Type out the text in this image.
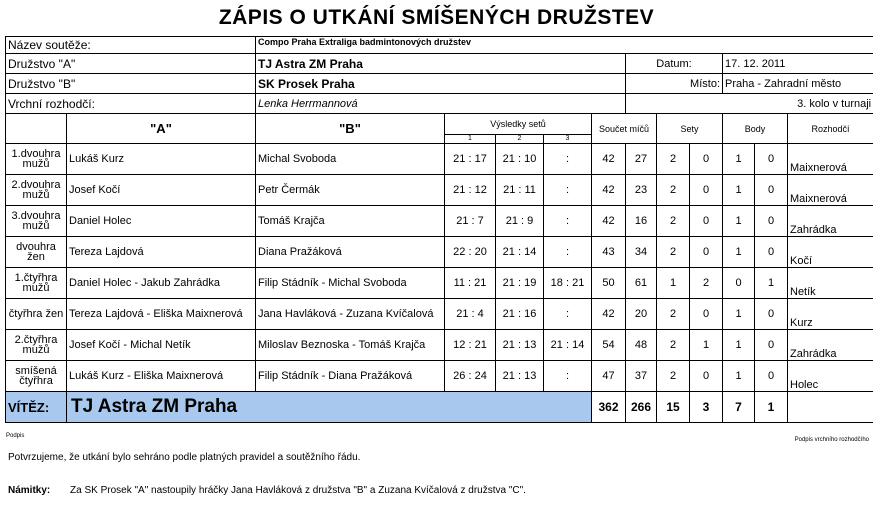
ZÁPIS O UTKÁNÍ SMÍŠENÝCH DRUŽSTEV
Název soutěže:		Compo Praha Extraliga badmintonových družstev										
Družstvo "A"		TJ Astra ZM Praha					Datum:			17. 12. 2011		
Družstvo "B"		SK Prosek Praha					Místo:			Praha - Zahradní město		
Vrchní rozhodčí:		Lenka Herrmannová								3. kolo v turnaji		
	"A"	"B"	Výsledky setů			Součet míčů		Sety		Body		Rozhodčí
			1	2	3							
1.dvouhra mužů	Lukáš Kurz	Michal Svoboda	21 : 17	21 : 10	:	42	27	2	0	1	0	Maixnerová
2.dvouhra mužů	Josef Kočí	Petr Čermák	21 : 12	21 : 11	:	42	23	2	0	1	0	Maixnerová
3.dvouhra mužů	Daniel Holec	Tomáš Krajča	21 : 7	21 : 9	:	42	16	2	0	1	0	Zahrádka
dvouhra žen	Tereza Lajdová	Diana Pražáková	22 : 20	21 : 14	:	43	34	2	0	1	0	Kočí
1.čtyřhra mužů	Daniel Holec - Jakub Zahrádka	Filip Stádník - Michal Svoboda	11 : 21	21 : 19	18 : 21	50	61	1	2	0	1	Netík
čtyřhra žen	Tereza Lajdová - Eliška Maixnerová	Jana Havláková - Zuzana Kvíčalová	21 : 4	21 : 16	:	42	20	2	0	1	0	Kurz
2.čtyřhra mužů	Josef Kočí - Michal Netík	Miloslav Beznoska - Tomáš Krajča	12 : 21	21 : 13	21 : 14	54	48	2	1	1	0	Zahrádka
smíšená čtyřhra	Lukáš Kurz - Eliška Maixnerová	Filip Stádník - Diana Pražáková	26 : 24	21 : 13	:	47	37	2	0	1	0	Holec
VÍTĚZ:	TJ Astra ZM Praha					362	266	15	3	7	1	
Podpis
Podpis vrchního rozhodčího
Potvrzujeme, že utkání bylo sehráno podle platných pravidel a soutěžního řádu.
Námitky: Za SK Prosek "A" nastoupily hráčky Jana Havláková z družstva "B" a Zuzana Kvíčalová z družstva "C".
